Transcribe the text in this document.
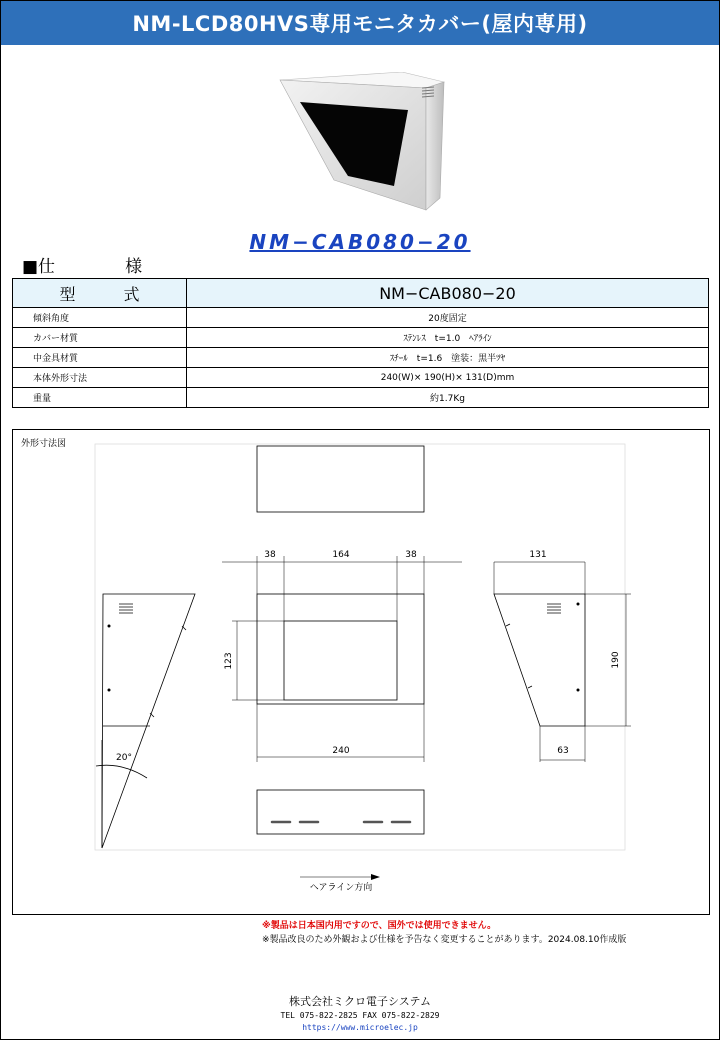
NM-LCD80HVS専用モニタカバー(屋内専用)
NM−CAB080−20
■仕	様
型　　　式	NM−CAB080−20
傾斜角度	20度固定
カバー材質	ｽﾃﾝﾚｽ　t=1.0　ﾍｱﾗｲﾝ
中金具材質	ｽﾁｰﾙ　t=1.6　塗装：黒半ﾂﾔ
本体外形寸法	240(W)× 190(H)× 131(D)mm
重量	約1.7Kg
外形寸法図
38	164	38
123
240
20°
131
190
63
ヘアライン方向
※製品は日本国内用ですので、国外では使用できません。
※製品改良のため外観および仕様を予告なく変更することがあります。2024.08.10作成版
株式会社ミクロ電子システム
TEL 075-822-2825 FAX 075-822-2829
https://www.microelec.jp
